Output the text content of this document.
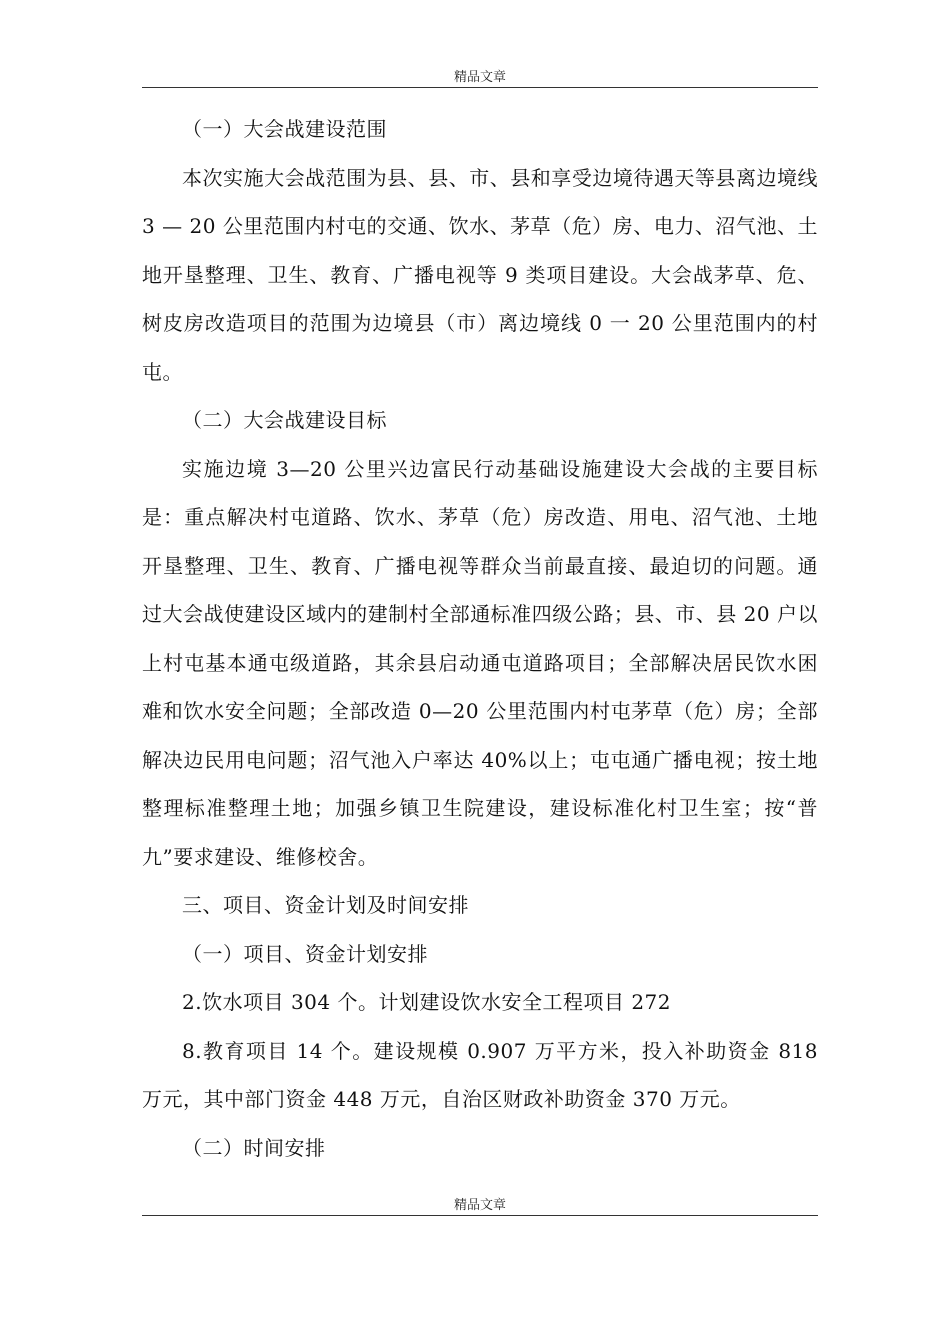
精品文章

（一）大会战建设范围

本次实施大会战范围为县、县、市、县和享受边境待遇天等县离边境线 3 — 20 公里范围内村屯的交通、饮水、茅草（危）房、电力、沼气池、土地开垦整理、卫生、教育、广播电视等 9 类项目建设。大会战茅草、危、树皮房改造项目的范围为边境县（市）离边境线 0 一 20 公里范围内的村屯。

（二）大会战建设目标

实施边境 3—20 公里兴边富民行动基础设施建设大会战的主要目标是：重点解决村屯道路、饮水、茅草（危）房改造、用电、沼气池、土地开垦整理、卫生、教育、广播电视等群众当前最直接、最迫切的问题。通过大会战使建设区域内的建制村全部通标准四级公路；县、市、县 20 户以上村屯基本通屯级道路，其余县启动通屯道路项目；全部解决居民饮水困难和饮水安全问题；全部改造 0—20 公里范围内村屯茅草（危）房；全部解决边民用电问题；沼气池入户率达 40%以上；屯屯通广播电视；按土地整理标准整理土地；加强乡镇卫生院建设，建设标准化村卫生室；按“普九”要求建设、维修校舍。

三、项目、资金计划及时间安排

（一）项目、资金计划安排

2.饮水项目 304 个。计划建设饮水安全工程项目 272

8.教育项目 14 个。建设规模 0.907 万平方米，投入补助资金 818 万元，其中部门资金 448 万元，自治区财政补助资金 370 万元。

（二）时间安排

精品文章
